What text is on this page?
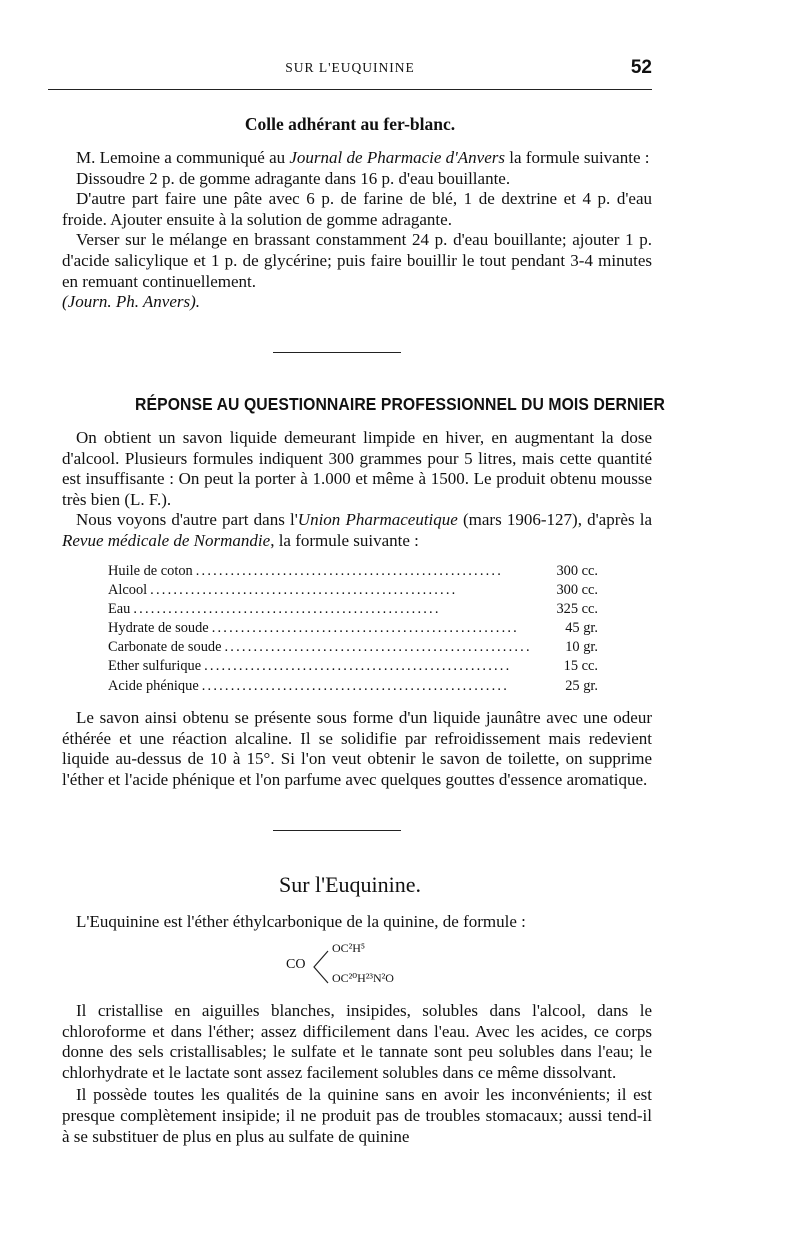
SUR L'EUQUININE	52
Colle adhérant au fer-blanc.

M. Lemoine a communiqué au Journal de Pharmacie d'Anvers la formule suivante :

Dissoudre 2 p. de gomme adragante dans 16 p. d'eau bouillante.

D'autre part faire une pâte avec 6 p. de farine de blé, 1 de dextrine et 4 p. d'eau froide. Ajouter ensuite à la solution de gomme adragante.

Verser sur le mélange en brassant constamment 24 p. d'eau bouillante; ajouter 1 p. d'acide salicylique et 1 p. de glycérine; puis faire bouillir le tout pendant 3-4 minutes en remuant continuellement.

(Journ. Ph. Anvers).

RÉPONSE AU QUESTIONNAIRE PROFESSIONNEL DU MOIS DERNIER

On obtient un savon liquide demeurant limpide en hiver, en augmentant la dose d'alcool. Plusieurs formules indiquent 300 grammes pour 5 litres, mais cette quantité est insuffisante : On peut la porter à 1.000 et même à 1500. Le produit obtenu mousse très bien (L. F.).

Nous voyons d'autre part dans l'Union Pharmaceutique (mars 1906-127), d'après la Revue médicale de Normandie, la formule suivante :

Huile de coton .....................................................	300 cc.
Alcool .....................................................	300 cc.
Eau .....................................................	325 cc.
Hydrate de soude .....................................................	45 gr.
Carbonate de soude .....................................................	10 gr.
Ether sulfurique .....................................................	15 cc.
Acide phénique .....................................................	25 gr.

Le savon ainsi obtenu se présente sous forme d'un liquide jaunâtre avec une odeur éthérée et une réaction alcaline. Il se solidifie par refroidissement mais redevient liquide au-dessus de 10 à 15°. Si l'on veut obtenir le savon de toilette, on supprime l'éther et l'acide phénique et l'on parfume avec quelques gouttes d'essence aromatique.

Sur l'Euquinine.

L'Euquinine est l'éther éthylcarbonique de la quinine, de formule :

CO
OC²H⁵
OC²⁰H²³N²O

Il cristallise en aiguilles blanches, insipides, solubles dans l'alcool, dans le chloroforme et dans l'éther; assez difficilement dans l'eau. Avec les acides, ce corps donne des sels cristallisables; le sulfate et le tannate sont peu solubles dans l'eau; le chlorhydrate et le lactate sont assez facilement solubles dans ce même dissolvant.

Il possède toutes les qualités de la quinine sans en avoir les inconvénients; il est presque complètement insipide; il ne produit pas de troubles stomacaux; aussi tend-il à se substituer de plus en plus au sulfate de quinine
